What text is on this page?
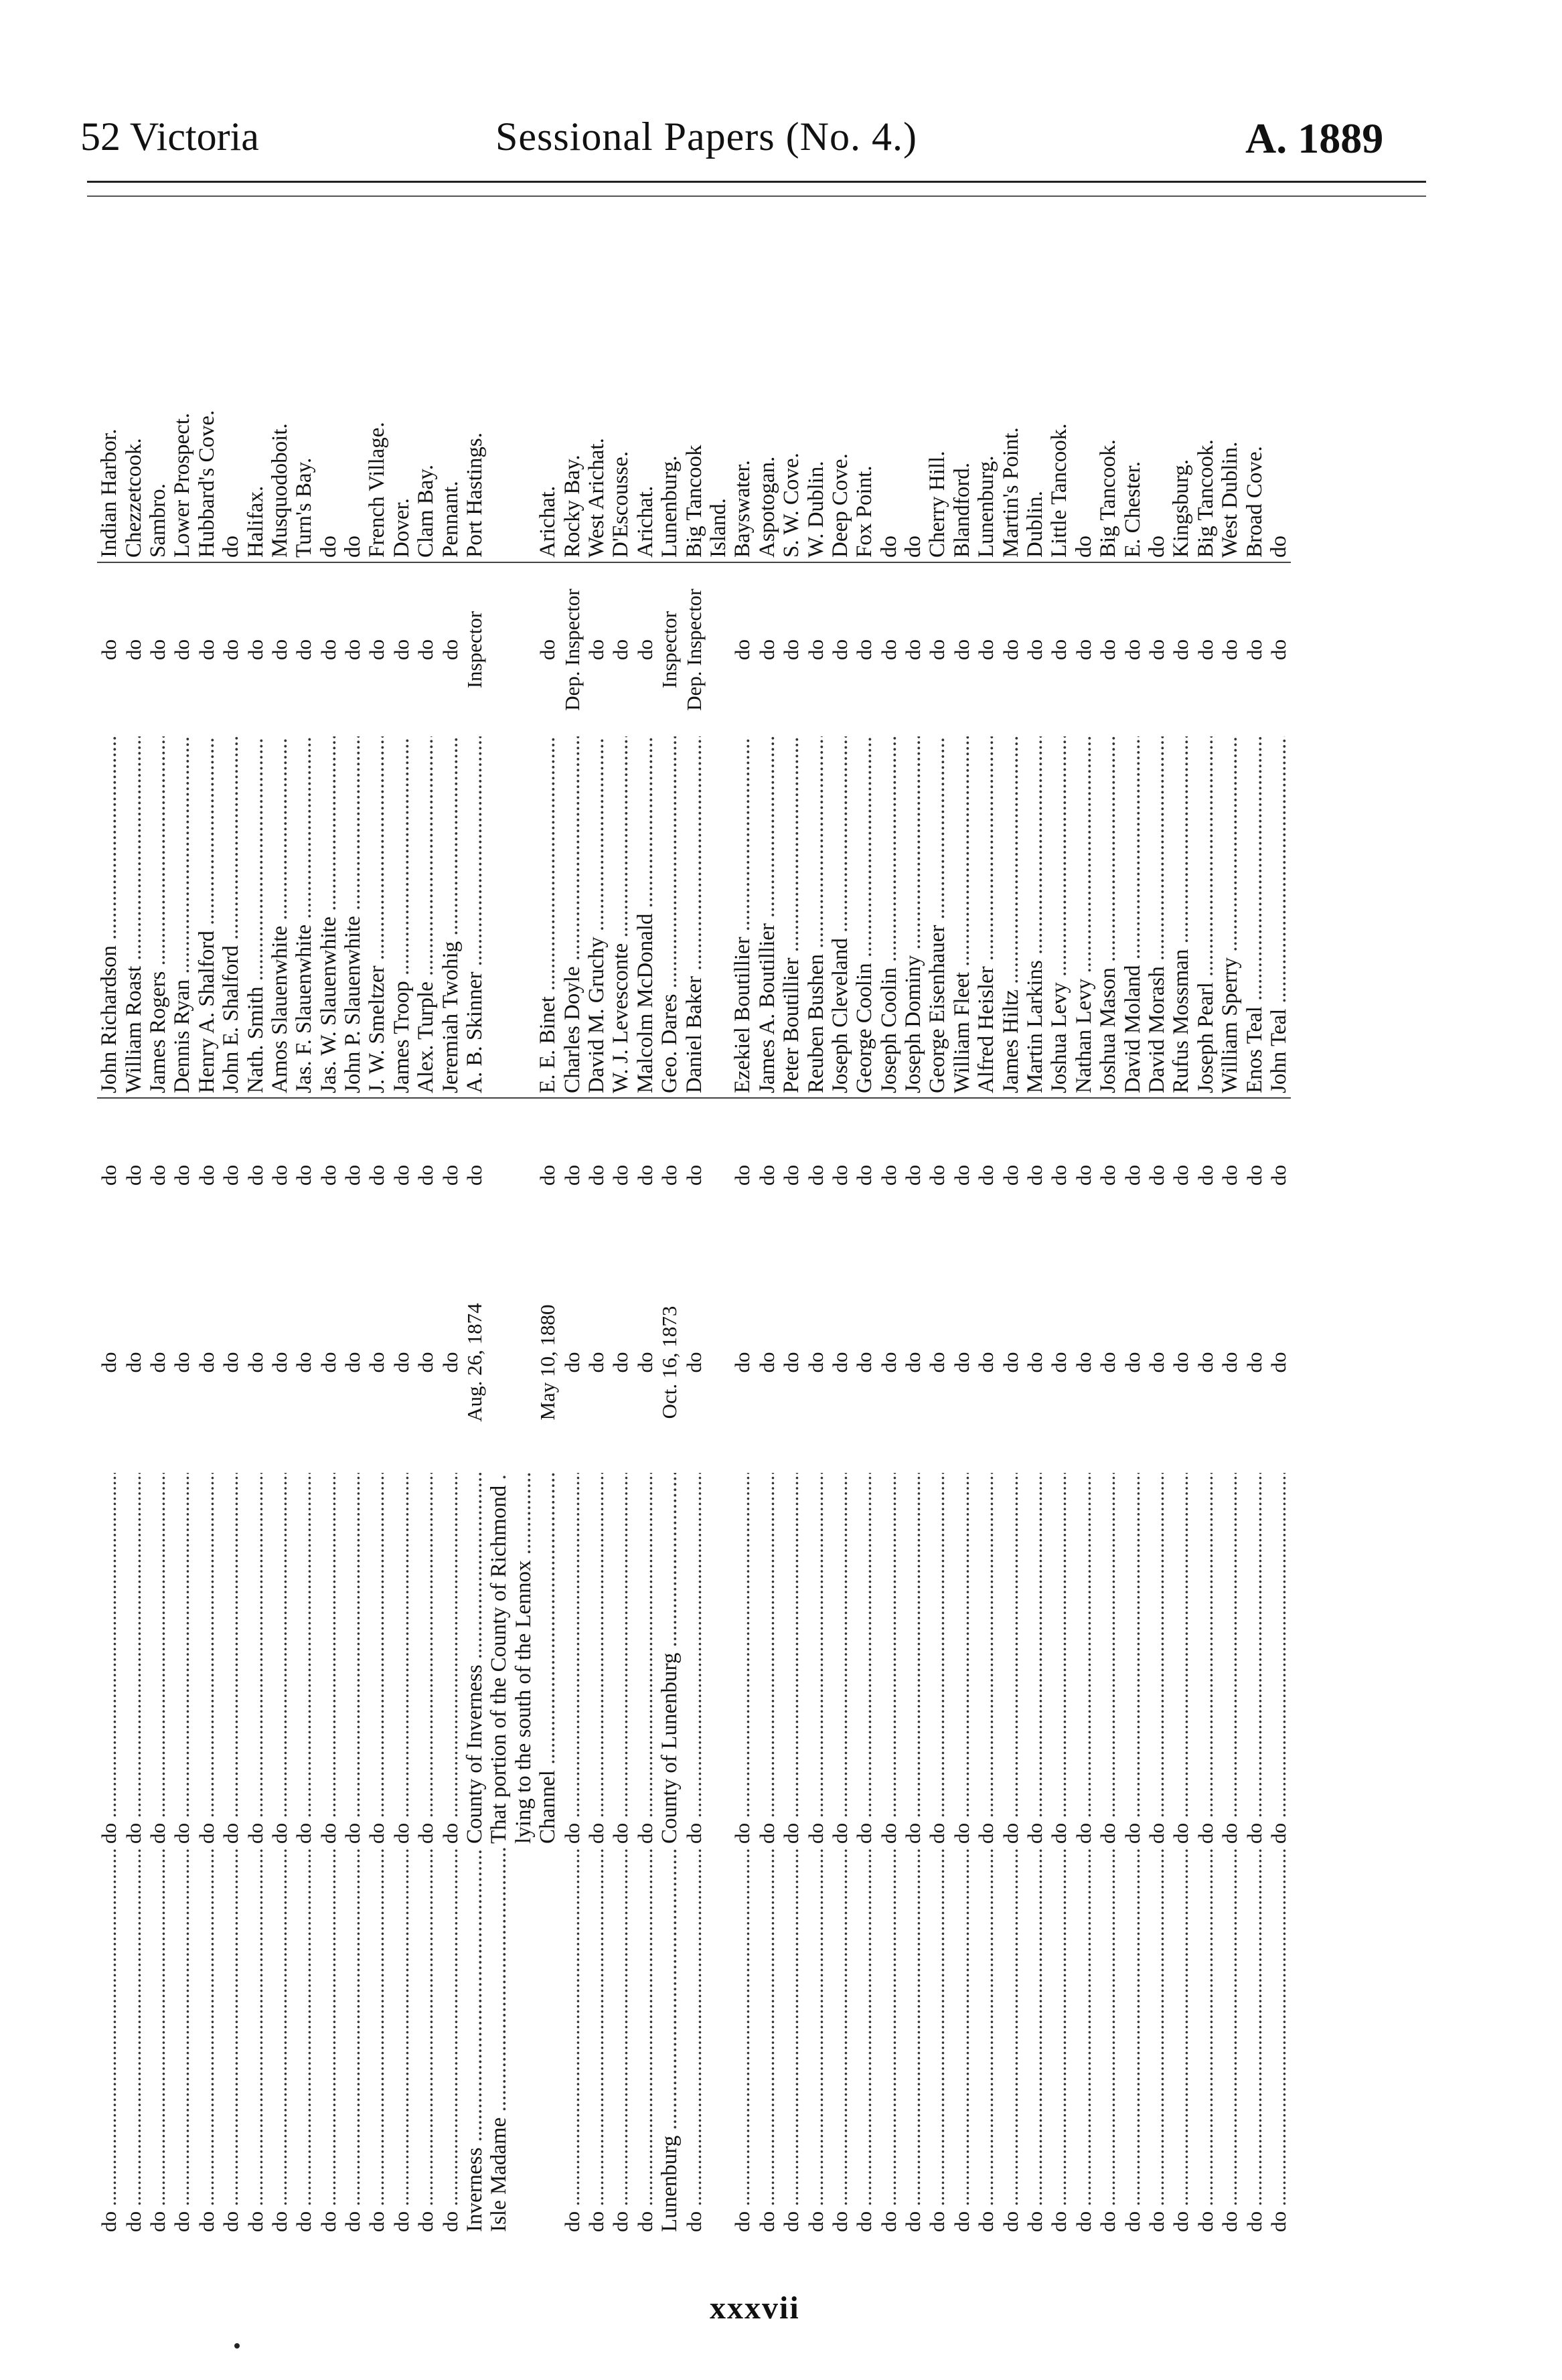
52 Victoria	Sessional Papers (No. 4.)	A. 1889
do .....	do .....	do	do	John Richardson .....	do	Indian Harbor.
do .....	do .....	do	do	William Roast .....	do	Chezzetcook.
do .....	do .....	do	do	James Rogers .....	do	Sambro.
do .....	do .....	do	do	Dennis Ryan .....	do	Lower Prospect.
do .....	do .....	do	do	Henry A. Shalford .....	do	Hubbard's Cove.
do .....	do .....	do	do	John E. Shalford .....	do	do
do .....	do .....	do	do	Nath. Smith .....	do	Halifax.
do .....	do .....	do	do	Amos Slauenwhite .....	do	Musquodoboit.
do .....	do .....	do	do	Jas. F. Slauenwhite .....	do	Turn's Bay.
do .....	do .....	do	do	Jas. W. Slauenwhite .....	do	do
do .....	do .....	do	do	John P. Slauenwhite .....	do	do
do .....	do .....	do	do	J. W. Smeltzer .....	do	French Village.
do .....	do .....	do	do	James Troop .....	do	Dover.
do .....	do .....	do	do	Alex. Turple .....	do	Clam Bay.
do .....	do .....	do	do	Jeremiah Twohig .....	do	Pennant.
Inverness .....	County of Inverness .....	Aug. 26, 1874	do	A. B. Skinner .....	Inspector	Port Hastings.
Isle Madame .....	That portion of the County of Richmond .....					
	lying to the south of the Lennox .....					
	Channel .....	May 10, 1880	do	E. E. Binet .....	do	Arichat.
do .....	do .....	do	do	Charles Doyle .....	Dep. Inspector	Rocky Bay.
do .....	do .....	do	do	David M. Gruchy .....	do	West Arichat.
do .....	do .....	do	do	W. J. Levesconte .....	do	D'Escousse.
do .....	do .....	do	do	Malcolm McDonald .....	do	Arichat.
Lunenburg .....	County of Lunenburg .....	Oct. 16, 1873	do	Geo. Dares .....	Inspector	Lunenburg.
do .....	do .....	do	do	Daniel Baker .....	Dep. Inspector	Big Tancook
						Island.
do .....	do .....	do	do	Ezekiel Boutillier .....	do	Bayswater.
do .....	do .....	do	do	James A. Boutillier .....	do	Aspotogan.
do .....	do .....	do	do	Peter Boutillier .....	do	S. W. Cove.
do .....	do .....	do	do	Reuben Bushen .....	do	W. Dublin.
do .....	do .....	do	do	Joseph Cleveland .....	do	Deep Cove.
do .....	do .....	do	do	George Coolin .....	do	Fox Point.
do .....	do .....	do	do	Joseph Coolin .....	do	do
do .....	do .....	do	do	Joseph Dominy .....	do	do
do .....	do .....	do	do	George Eisenhauer .....	do	Cherry Hill.
do .....	do .....	do	do	William Fleet .....	do	Blandford.
do .....	do .....	do	do	Alfred Heisler .....	do	Lunenburg.
do .....	do .....	do	do	James Hiltz .....	do	Martin's Point.
do .....	do .....	do	do	Martin Larkins .....	do	Dublin.
do .....	do .....	do	do	Joshua Levy .....	do	Little Tancook.
do .....	do .....	do	do	Nathan Levy .....	do	do
do .....	do .....	do	do	Joshua Mason .....	do	Big Tancook.
do .....	do .....	do	do	David Moland .....	do	E. Chester.
do .....	do .....	do	do	David Morash .....	do	do
do .....	do .....	do	do	Rufus Mossman .....	do	Kingsburg.
do .....	do .....	do	do	Joseph Pearl .....	do	Big Tancook.
do .....	do .....	do	do	William Sperry .....	do	West Dublin.
do .....	do .....	do	do	Enos Teal .....	do	Broad Cove.
do .....	do .....	do	do	John Teal .....	do	do
xxxvii
